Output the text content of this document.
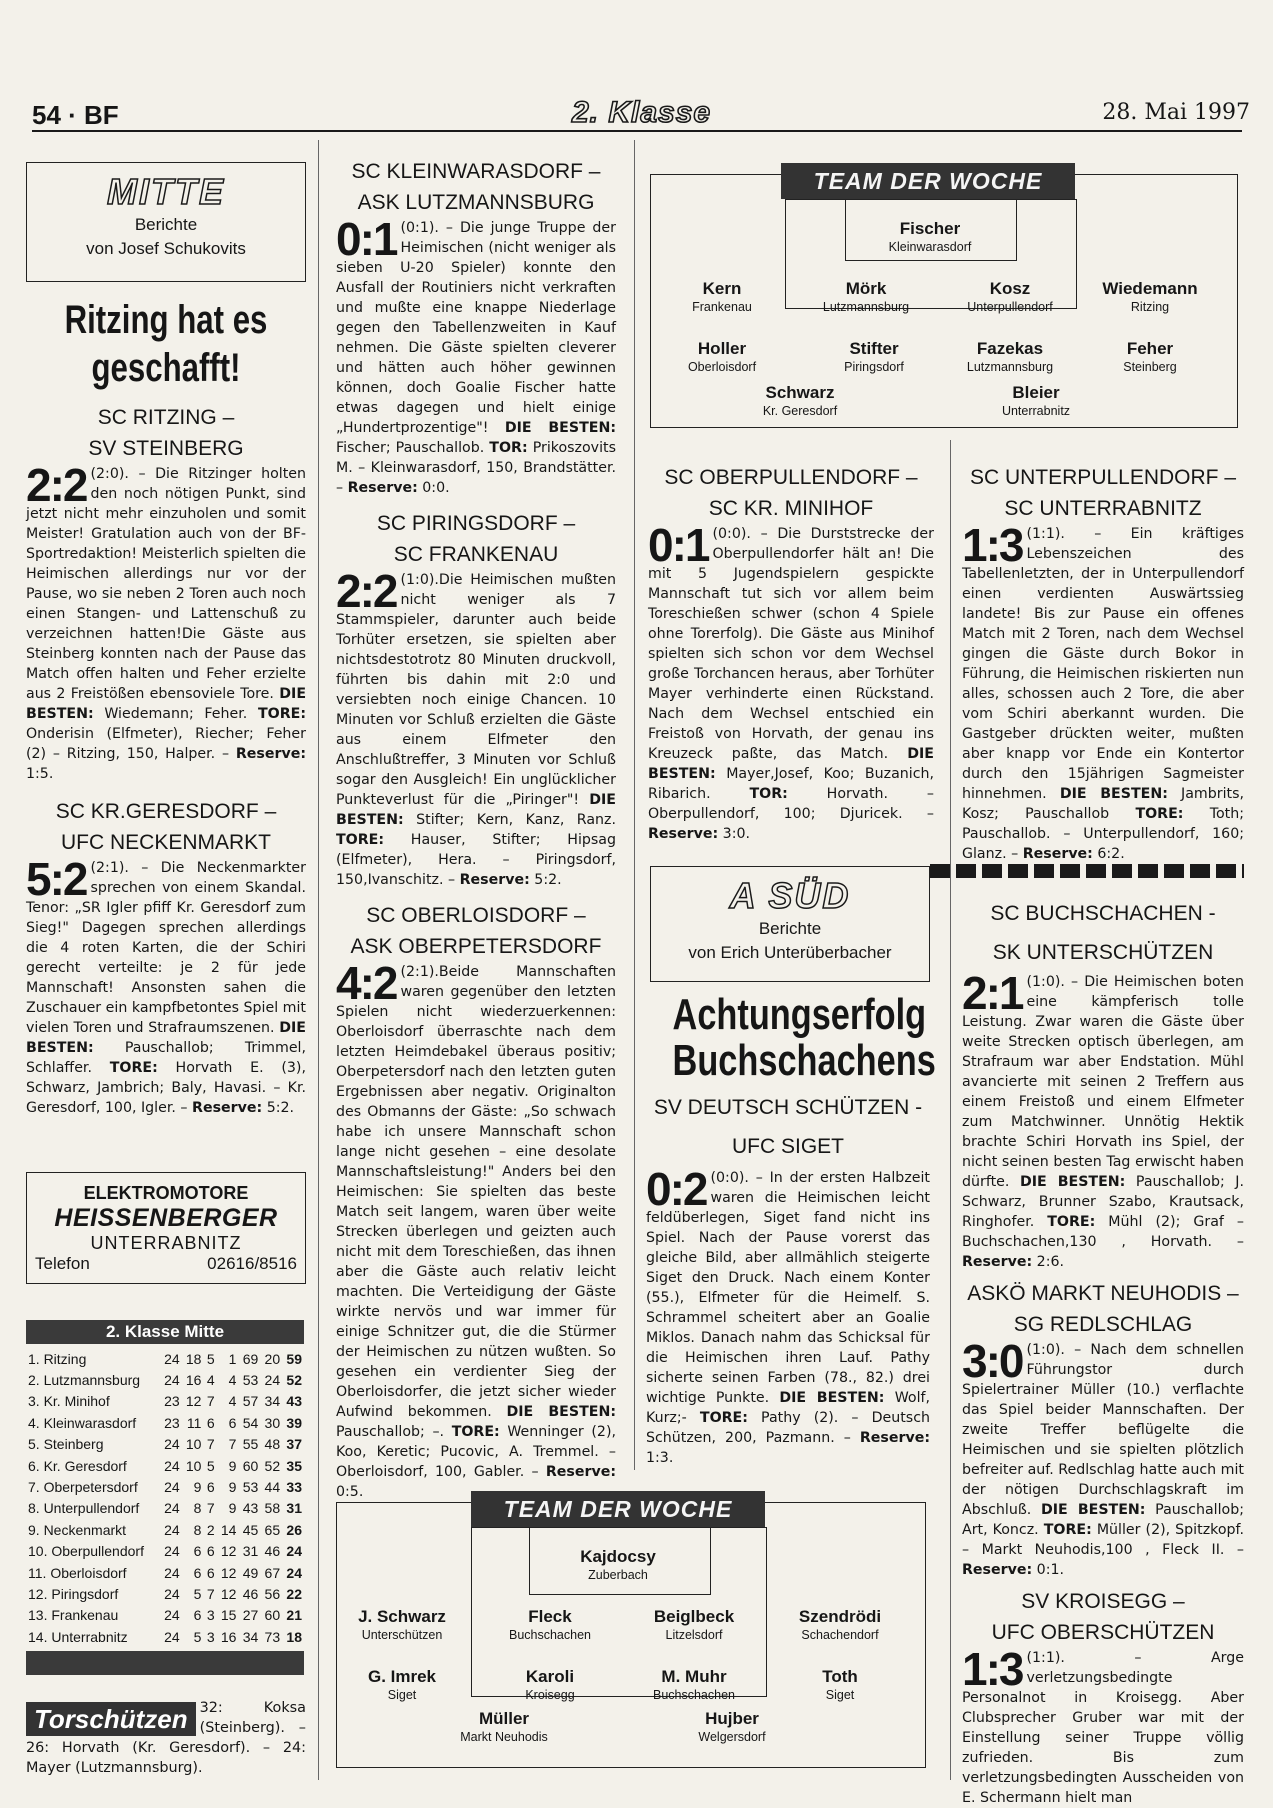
54 · BF	2. Klasse	28. Mai 1997
MITTE
Berichte
von Josef Schukovits

Ritzing hat es geschafft!

SC RITZING –

SV STEINBERG

2:2 (2:0). – Die Ritzinger holten den noch nötigen Punkt, sind jetzt nicht mehr einzuholen und somit Meister! Gratulation auch von der BF-Sportredaktion! Meisterlich spielten die Heimischen allerdings nur vor der Pause, wo sie neben 2 Toren auch noch einen Stangen- und Lattenschuß zu verzeichnen hatten!Die Gäste aus Steinberg konnten nach der Pause das Match offen halten und Feher erzielte aus 2 Freistößen ebensoviele Tore. DIE BESTEN: Wiedemann; Feher. TORE: Onderisin (Elfmeter), Riecher; Feher (2) – Ritzing, 150, Halper. – Reserve: 1:5.

SC KR.GERESDORF –

UFC NECKENMARKT

5:2 (2:1). – Die Neckenmarkter sprechen von einem Skandal. Tenor: „SR Igler pfiff Kr. Geresdorf zum Sieg!" Dagegen sprechen allerdings die 4 roten Karten, die der Schiri gerecht verteilte: je 2 für jede Mannschaft! Ansonsten sahen die Zuschauer ein kampfbetontes Spiel mit vielen Toren und Strafraumszenen. DIE BESTEN: Pauschallob; Trimmel, Schlaffer. TORE: Horvath E. (3), Schwarz, Jambrich; Baly, Havasi. – Kr. Geresdorf, 100, Igler. – Reserve: 5:2.
ELEKTROMOTORE
HEISSENBERGER
UNTERRABNITZ
Telefon	02616/8516
2. Klasse Mitte
1. Ritzing	24	18	5	1	69	20	59
2. Lutzmannsburg	24	16	4	4	53	24	52
3. Kr. Minihof	23	12	7	4	57	34	43
4. Kleinwarasdorf	23	11	6	6	54	30	39
5. Steinberg	24	10	7	7	55	48	37
6. Kr. Geresdorf	24	10	5	9	60	52	35
7. Oberpetersdorf	24	9	6	9	53	44	33
8. Unterpullendorf	24	8	7	9	43	58	31
9. Neckenmarkt	24	8	2	14	45	65	26
10. Oberpullendorf	24	6	6	12	31	46	24
11. Oberloisdorf	24	6	6	12	49	67	24
12. Piringsdorf	24	5	7	12	46	56	22
13. Frankenau	24	6	3	15	27	60	21
14. Unterrabnitz	24	5	3	16	34	73	18
Torschützen 32: Koksa (Steinberg). – 26: Horvath (Kr. Geresdorf). – 24: Mayer (Lutzmannsburg).

SC KLEINWARASDORF –

ASK LUTZMANNSBURG

0:1 (0:1). – Die junge Truppe der Heimischen (nicht weniger als sieben U-20 Spieler) konnte den Ausfall der Routiniers nicht verkraften und mußte eine knappe Niederlage gegen den Tabellenzweiten in Kauf nehmen. Die Gäste spielten cleverer und hätten auch höher gewinnen können, doch Goalie Fischer hatte etwas dagegen und hielt einige „Hundertprozentige"! DIE BESTEN: Fischer; Pauschallob. TOR: Prikoszovits M. – Kleinwarasdorf, 150, Brandstätter. – Reserve: 0:0.

SC PIRINGSDORF –

SC FRANKENAU

2:2 (1:0).Die Heimischen mußten nicht weniger als 7 Stammspieler, darunter auch beide Torhüter ersetzen, sie spielten aber nichtsdestotrotz 80 Minuten druckvoll, führten bis dahin mit 2:0 und versiebten noch einige Chancen. 10 Minuten vor Schluß erzielten die Gäste aus einem Elfmeter den Anschlußtreffer, 3 Minuten vor Schluß sogar den Ausgleich! Ein unglücklicher Punkteverlust für die „Piringer"! DIE BESTEN: Stifter; Kern, Kanz, Ranz. TORE: Hauser, Stifter; Hipsag (Elfmeter), Hera. – Piringsdorf, 150,Ivanschitz. – Reserve: 5:2.

SC OBERLOISDORF –

ASK OBERPETERSDORF

4:2 (2:1).Beide Mannschaften waren gegenüber den letzten Spielen nicht wiederzuerkennen: Oberloisdorf überraschte nach dem letzten Heimdebakel überaus positiv; Oberpetersdorf nach den letzten guten Ergebnissen aber negativ. Originalton des Obmanns der Gäste: „So schwach habe ich unsere Mannschaft schon lange nicht gesehen – eine desolate Mannschaftsleistung!" Anders bei den Heimischen: Sie spielten das beste Match seit langem, waren über weite Strecken überlegen und geizten auch nicht mit dem Toreschießen, das ihnen aber die Gäste auch relativ leicht machten. Die Verteidigung der Gäste wirkte nervös und war immer für einige Schnitzer gut, die die Stürmer der Heimischen zu nützen wußten. So gesehen ein verdienter Sieg der Oberloisdorfer, die jetzt sicher wieder Aufwind bekommen. DIE BESTEN: Pauschallob; –. TORE: Wenninger (2), Koo, Keretic; Pucovic, A. Tremmel. – Oberloisdorf, 100, Gabler. – Reserve: 0:5.
TEAM DER WOCHE
Fischer
Kleinwarasdorf
Kern
Frankenau
Mörk
Lutzmannsburg
Kosz
Unterpullendorf
Wiedemann
Ritzing
Holler
Oberloisdorf
Stifter
Piringsdorf
Fazekas
Lutzmannsburg
Feher
Steinberg
Schwarz
Kr. Geresdorf
Bleier
Unterrabnitz

SC OBERPULLENDORF –

SC KR. MINIHOF

0:1 (0:0). – Die Durststrecke der Oberpullendorfer hält an! Die mit 5 Jugendspielern gespickte Mannschaft tut sich vor allem beim Toreschießen schwer (schon 4 Spiele ohne Torerfolg). Die Gäste aus Minihof spielten sich schon vor dem Wechsel große Torchancen heraus, aber Torhüter Mayer verhinderte einen Rückstand. Nach dem Wechsel entschied ein Freistoß von Horvath, der genau ins Kreuzeck paßte, das Match. DIE BESTEN: Mayer,Josef, Koo; Buzanich, Ribarich.	TOR:	Horvath. – Oberpullendorf, 100; Djuricek. – Reserve: 3:0.
A SÜD
Berichte
von Erich Unterüberbacher

Achtungserfolg Buchschachens

SV DEUTSCH SCHÜTZEN -

UFC SIGET

0:2 (0:0). – In der ersten Halbzeit waren die Heimischen leicht feldüberlegen, Siget fand nicht ins Spiel. Nach der Pause vorerst das gleiche Bild, aber allmählich steigerte Siget den Druck. Nach einem Konter (55.), Elfmeter für die Heimelf. S. Schrammel scheitert aber an Goalie Miklos. Danach nahm das Schicksal für die Heimischen ihren Lauf. Pathy sicherte seinen Farben (78., 82.) drei wichtige Punkte. DIE BESTEN: Wolf, Kurz;- TORE: Pathy (2). – Deutsch Schützen, 200, Pazmann. – Reserve: 1:3.

SC UNTERPULLENDORF –

SC UNTERRABNITZ

1:3 (1:1). – Ein kräftiges Lebenszeichen des Tabellenletzten, der in Unterpullendorf einen verdienten Auswärtssieg landete! Bis zur Pause ein offenes Match mit 2 Toren, nach dem Wechsel gingen die Gäste durch Bokor in Führung, die Heimischen riskierten nun alles, schossen auch 2 Tore, die aber vom Schiri aberkannt wurden. Die Gastgeber drückten weiter, mußten aber knapp vor Ende ein Kontertor durch den 15jährigen Sagmeister hinnehmen. DIE BESTEN: Jambrits, Kosz; Pauschallob TORE: Toth; Pauschallob. – Unterpullendorf, 160; Glanz. – Reserve: 6:2.

SC BUCHSCHACHEN -

SK UNTERSCHÜTZEN

2:1 (1:0). – Die Heimischen boten eine kämpferisch tolle Leistung. Zwar waren die Gäste über weite Strecken optisch überlegen, am Strafraum war aber Endstation. Mühl avancierte mit seinen 2 Treffern aus einem Freistoß und einem Elfmeter zum Matchwinner. Unnötig Hektik brachte Schiri Horvath ins Spiel, der nicht seinen besten Tag erwischt haben dürfte. DIE BESTEN: Pauschallob; J. Schwarz, Brunner Szabo, Krautsack, Ringhofer. TORE: Mühl (2); Graf – Buchschachen,130 , Horvath. – Reserve: 2:6.

ASKÖ MARKT NEUHODIS –

SG REDLSCHLAG

3:0 (1:0). – Nach dem schnellen Führungstor durch Spielertrainer Müller (10.) verflachte das Spiel beider Mannschaften. Der zweite Treffer beflügelte die Heimischen und sie spielten plötzlich befreiter auf. Redlschlag hatte auch mit der nötigen Durchschlagskraft im Abschluß. DIE BESTEN: Pauschallob; Art, Koncz. TORE: Müller (2), Spitzkopf. – Markt Neuhodis,100 , Fleck II. – Reserve: 0:1.

SV KROISEGG –

UFC OBERSCHÜTZEN

1:3 (1:1). – Arge verletzungsbedingte Personalnot in Kroisegg. Aber Clubsprecher Gruber war mit der Einstellung seiner Truppe völlig zufrieden. Bis zum verletzungsbedingten Ausscheiden von E. Schermann hielt man
TEAM DER WOCHE
Kajdocsy
Zuberbach
J. Schwarz
Unterschützen
Fleck
Buchschachen
Beiglbeck
Litzelsdorf
Szendrödi
Schachendorf
G. Imrek
Siget
Karoli
Kroisegg
M. Muhr
Buchschachen
Toth
Siget
Müller
Markt Neuhodis
Hujber
Welgersdorf
